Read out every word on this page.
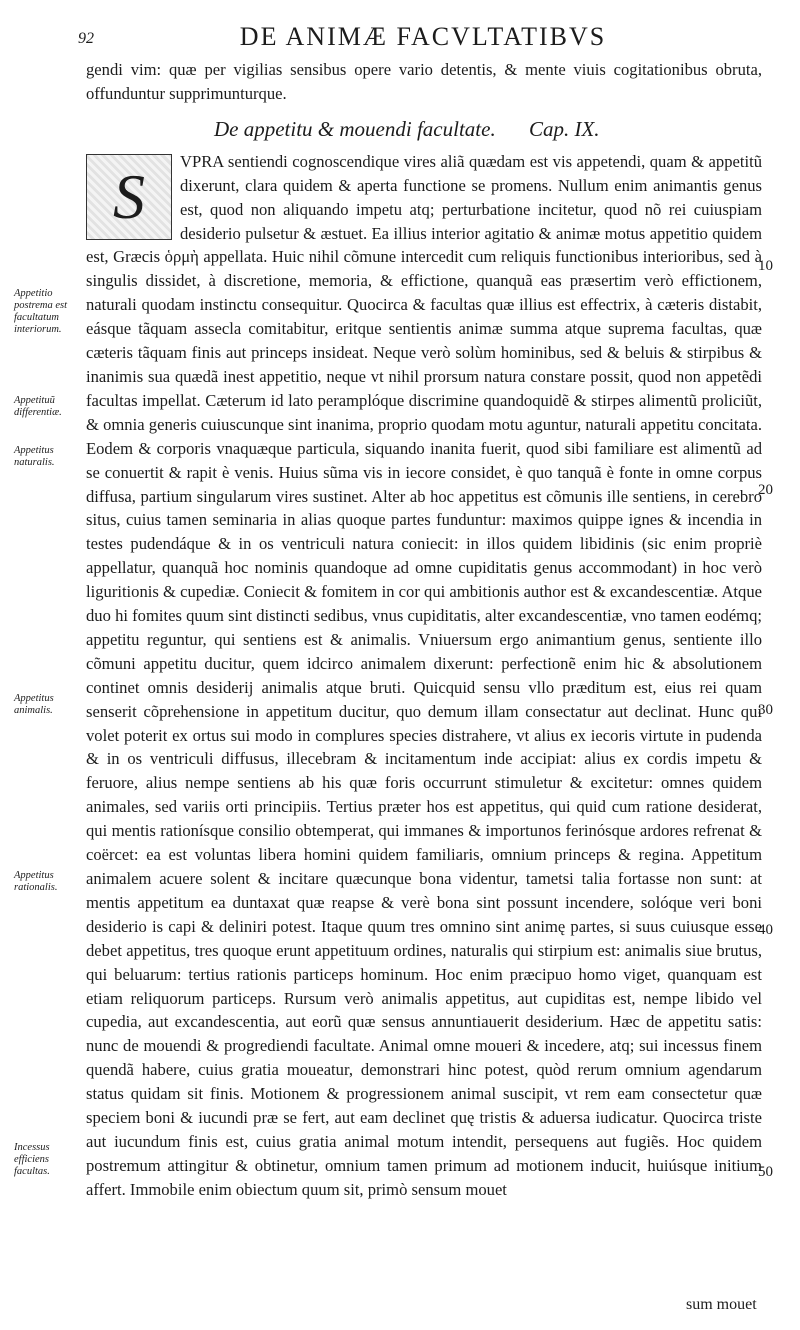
92	DE ANIMÆ FACVLTATIBVS

gendi vim: quæ per vigilias sensibus opere vario detentis, & mente viuis cogitationibus obruta, offunduntur supprimunturque.

De appetitu & mouendi facultate. Cap. IX.
S	VPRA sentiendi cognoscendique vires aliã quædam est vis appetendi, quam & appetitũ dixerunt, clara quidem & aperta functione se promens. Nullum enim animantis genus est, quod non aliquando impetu atq; perturbatione incitetur, quod nõ rei cuiuspiam desiderio pulsetur & æstuet. Ea illius interior agitatio & animæ motus appetitio quidem est, Græcis ὁρμὴ appellata. Huic nihil cõmune intercedit cum reliquis functionibus interioribus, sed à singulis dissidet, à discretione, memoria, & effictione, quanquã eas præsertim verò effictionem, naturali quodam instinctu consequitur. Quocirca & facultas quæ illius est effectrix, à cæteris distabit, eásque tãquam assecla comitabitur, eritque sentientis animæ summa atque suprema facultas, quæ cæteris tãquam finis aut princeps insideat. Neque verò solùm hominibus, sed & beluis & stirpibus & inanimis sua quædã inest appetitio, neque vt nihil prorsum natura constare possit, quod non appetẽdi facultas impellat. Cæterum id lato peramplóque discrimine quandoquidẽ & stirpes alimentũ proliciũt, & omnia generis cuiuscunque sint inanima, proprio quodam motu aguntur, naturali appetitu concitata. Eodem & corporis vnaquæque particula, siquando inanita fuerit, quod sibi familiare est alimentũ ad se conuertit & rapit è venis. Huius sũma vis in iecore considet, è quo tanquã è fonte in omne corpus diffusa, partium singularum vires sustinet. Alter ab hoc appetitus est cõmunis ille sentiens, in cerebro situs, cuius tamen seminaria in alias quoque partes funduntur: maximos quippe ignes & incendia in testes pudendáque & in os ventriculi natura coniecit: in illos quidem libidinis (sic enim propriè appellatur, quanquã hoc nominis quandoque ad omne cupiditatis genus accommodant) in hoc verò liguritionis & cupediæ. Coniecit & fomitem in cor qui ambitionis author est & excandescentiæ. Atque duo hi fomites quum sint distincti sedibus, vnus cupiditatis, alter excandescentiæ, vno tamen eodémq; appetitu reguntur, qui sentiens est & animalis. Vniuersum ergo animantium genus, sentiente illo cõmuni appetitu ducitur, quem idcirco animalem dixerunt: perfectionẽ enim hic & absolutionem continet omnis desiderij animalis atque bruti. Quicquid sensu vllo præditum est, eius rei quam senserit cõprehensione in appetitum ducitur, quo demum illam consectatur aut declinat. Hunc qui volet poterit ex ortus sui modo in complures species distrahere, vt alius ex iecoris virtute in pudenda & in os ventriculi diffusus, illecebram & incitamentum inde accipiat: alius ex cordis impetu & feruore, alius nempe sentiens ab his quæ foris occurrunt stimuletur & excitetur: omnes quidem animales, sed variis orti principiis. Tertius præter hos est appetitus, qui quid cum ratione desiderat, qui mentis rationísque consilio obtemperat, qui immanes & importunos ferinósque ardores refrenat & coërcet: ea est voluntas libera homini quidem familiaris, omnium princeps & regina. Appetitum animalem acuere solent & incitare quæcunque bona videntur, tametsi talia fortasse non sunt: at mentis appetitum ea duntaxat quæ reapse & verè bona sint possunt incendere, solóque veri boni desiderio is capi & deliniri potest. Itaque quum tres omnino sint animę partes, si suus cuiusque esse debet appetitus, tres quoque erunt appetituum ordines, naturalis qui stirpium est: animalis siue brutus, qui beluarum: tertius rationis particeps hominum. Hoc enim præcipuo homo viget, quanquam est etiam reliquorum particeps. Rursum verò animalis appetitus, aut cupiditas est, nempe libido vel cupedia, aut excandescentia, aut eorũ quæ sensus annuntiauerit desiderium. Hæc de appetitu satis: nunc de mouendi & progrediendi facultate. Animal omne moueri & incedere, atq; sui incessus finem quendã habere, cuius gratia moueatur, demonstrari hinc potest, quòd rerum omnium agendarum status quidam sit finis. Motionem & progressionem animal suscipit, vt rem eam consectetur quæ speciem boni & iucundi præ se fert, aut eam declinet quę tristis & aduersa iudicatur. Quocirca triste aut iucundum finis est, cuius gratia animal motum intendit, persequens aut fugiẽs. Hoc quidem postremum attingitur & obtinetur, omnium tamen primum ad motionem inducit, huiúsque initium affert. Immobile enim obiectum quum sit, primò sensum mouet

Appetitio postrema est facultatum interiorum.
Appetituũ differentiæ.
Appetitus naturalis.
Appetitus animalis.
Appetitus rationalis.
Incessus efficiens facultas.
10
20
30
40
50
sum mouet
